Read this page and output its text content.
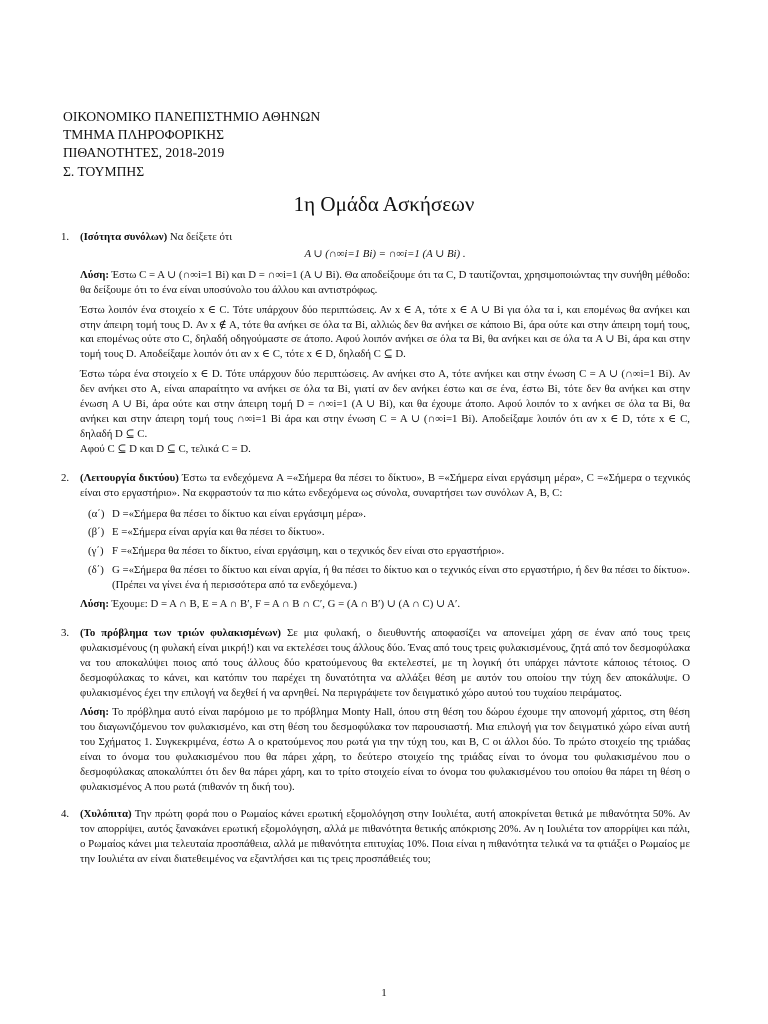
ΟΙΚΟΝΟΜΙΚΟ ΠΑΝΕΠΙΣΤΗΜΙΟ ΑΘΗΝΩΝ
ΤΜΗΜΑ ΠΛΗΡΟΦΟΡΙΚΗΣ
ΠΙΘΑΝΟΤΗΤΕΣ, 2018-2019
Σ. ΤΟΥΜΠΗΣ
1η Ομάδα Ασκήσεων
1. (Ισότητα συνόλων) Να δείξετε ότι

A ∪ (∩∞i=1 Bi) = ∩∞i=1 (A ∪ Bi) .

Λύση: Έστω C = A ∪ (∩∞i=1 Bi) και D = ∩∞i=1 (A ∪ Bi). Θα αποδείξουμε ότι τα C, D ταυτίζονται, χρησιμοποιώντας την συνήθη μέθοδο: θα δείξουμε ότι το ένα είναι υποσύνολο του άλλου και αντιστρόφως.

Έστω λοιπόν ένα στοιχείο x ∈ C. Τότε υπάρχουν δύο περιπτώσεις. Αν x ∈ A, τότε x ∈ A ∪ Bi για όλα τα i, και επομένως θα ανήκει και στην άπειρη τομή τους D. Αν x ∉ A, τότε θα ανήκει σε όλα τα Bi, αλλιώς δεν θα ανήκει σε κάποιο Bi, άρα ούτε και στην άπειρη τομή τους, και επομένως ούτε στο C, δηλαδή οδηγούμαστε σε άτοπο. Αφού λοιπόν ανήκει σε όλα τα Bi, θα ανήκει και σε όλα τα A ∪ Bi, άρα και στην τομή τους D. Αποδείξαμε λοιπόν ότι αν x ∈ C, τότε x ∈ D, δηλαδή C ⊆ D.

Έστω τώρα ένα στοιχείο x ∈ D. Τότε υπάρχουν δύο περιπτώσεις. Αν ανήκει στο A, τότε ανήκει και στην ένωση C = A ∪ (∩∞i=1 Bi). Αν δεν ανήκει στο A, είναι απαραίτητο να ανήκει σε όλα τα Bi, γιατί αν δεν ανήκει έστω και σε ένα, έστω Bi, τότε δεν θα ανήκει και στην ένωση A ∪ Bi, άρα ούτε και στην άπειρη τομή D = ∩∞i=1 (A ∪ Bi), και θα έχουμε άτοπο. Αφού λοιπόν το x ανήκει σε όλα τα Bi, θα ανήκει και στην άπειρη τομή τους ∩∞i=1 Bi άρα και στην ένωση C = A ∪ (∩∞i=1 Bi). Αποδείξαμε λοιπόν ότι αν x ∈ D, τότε x ∈ C, δηλαδή D ⊆ C.

Αφού C ⊆ D και D ⊆ C, τελικά C = D.

2. (Λειτουργία δικτύου) Έστω τα ενδεχόμενα A =«Σήμερα θα πέσει το δίκτυο», B =«Σήμερα είναι εργάσιμη μέρα», C =«Σήμερα ο τεχνικός είναι στο εργαστήριο». Να εκφραστούν τα πιο κάτω ενδεχόμενα ως σύνολα, συναρτήσει των συνόλων A, B, C:

(α΄) D =«Σήμερα θα πέσει το δίκτυο και είναι εργάσιμη μέρα».
(β΄) E =«Σήμερα είναι αργία και θα πέσει το δίκτυο».
(γ΄) F =«Σήμερα θα πέσει το δίκτυο, είναι εργάσιμη, και ο τεχνικός δεν είναι στο εργαστήριο».
(δ΄) G =«Σήμερα θα πέσει το δίκτυο και είναι αργία, ή θα πέσει το δίκτυο και ο τεχνικός είναι στο εργαστήριο, ή δεν θα πέσει το δίκτυο». (Πρέπει να γίνει ένα ή περισσότερα από τα ενδεχόμενα.)

Λύση: Έχουμε: D = A ∩ B, E = A ∩ B′, F = A ∩ B ∩ C′, G = (A ∩ B′) ∪ (A ∩ C) ∪ A′.

3. (Το πρόβλημα των τριών φυλακισμένων) Σε μια φυλακή, ο διευθυντής αποφασίζει να απονείμει χάρη σε έναν από τους τρεις φυλακισμένους (η φυλακή είναι μικρή!) και να εκτελέσει τους άλλους δύο. Ένας από τους τρεις φυλακισμένους, ζητά από τον δεσμοφύλακα να του αποκαλύψει ποιος από τους άλλους δύο κρατούμενους θα εκτελεστεί, με τη λογική ότι υπάρχει πάντοτε κάποιος τέτοιος. Ο δεσμοφύλακας το κάνει, και κατόπιν του παρέχει τη δυνατότητα να αλλάξει θέση με αυτόν του οποίου την τύχη δεν αποκάλυψε. Ο φυλακισμένος έχει την επιλογή να δεχθεί ή να αρνηθεί. Να περιγράψετε τον δειγματικό χώρο αυτού του τυχαίου πειράματος.

Λύση: Το πρόβλημα αυτό είναι παρόμοιο με το πρόβλημα Monty Hall, όπου στη θέση του δώρου έχουμε την απονομή χάριτος, στη θέση του διαγωνιζόμενου τον φυλακισμένο, και στη θέση του δεσμοφύλακα τον παρουσιαστή. Μια επιλογή για τον δειγματικό χώρο είναι αυτή του Σχήματος 1. Συγκεκριμένα, έστω A ο κρατούμενος που ρωτά για την τύχη του, και B, C οι άλλοι δύο. Το πρώτο στοιχείο της τριάδας είναι το όνομα του φυλακισμένου που θα πάρει χάρη, το δεύτερο στοιχείο της τριάδας είναι το όνομα του φυλακισμένου που ο δεσμοφύλακας αποκαλύπτει ότι δεν θα πάρει χάρη, και το τρίτο στοιχείο είναι το όνομα του φυλακισμένου του οποίου θα πάρει τη θέση ο φυλακισμένος A που ρωτά (πιθανόν τη δική του).

4. (Χυλόπιτα) Την πρώτη φορά που ο Ρωμαίος κάνει ερωτική εξομολόγηση στην Ιουλιέτα, αυτή αποκρίνεται θετικά με πιθανότητα 50%. Αν τον απορρίψει, αυτός ξανακάνει ερωτική εξομολόγηση, αλλά με πιθανότητα θετικής απόκρισης 20%. Αν η Ιουλιέτα τον απορρίψει και πάλι, ο Ρωμαίος κάνει μια τελευταία προσπάθεια, αλλά με πιθανότητα επιτυχίας 10%. Ποια είναι η πιθανότητα τελικά να τα φτιάξει ο Ρωμαίος με την Ιουλιέτα αν είναι διατεθειμένος να εξαντλήσει και τις τρεις προσπάθειές του;

1
